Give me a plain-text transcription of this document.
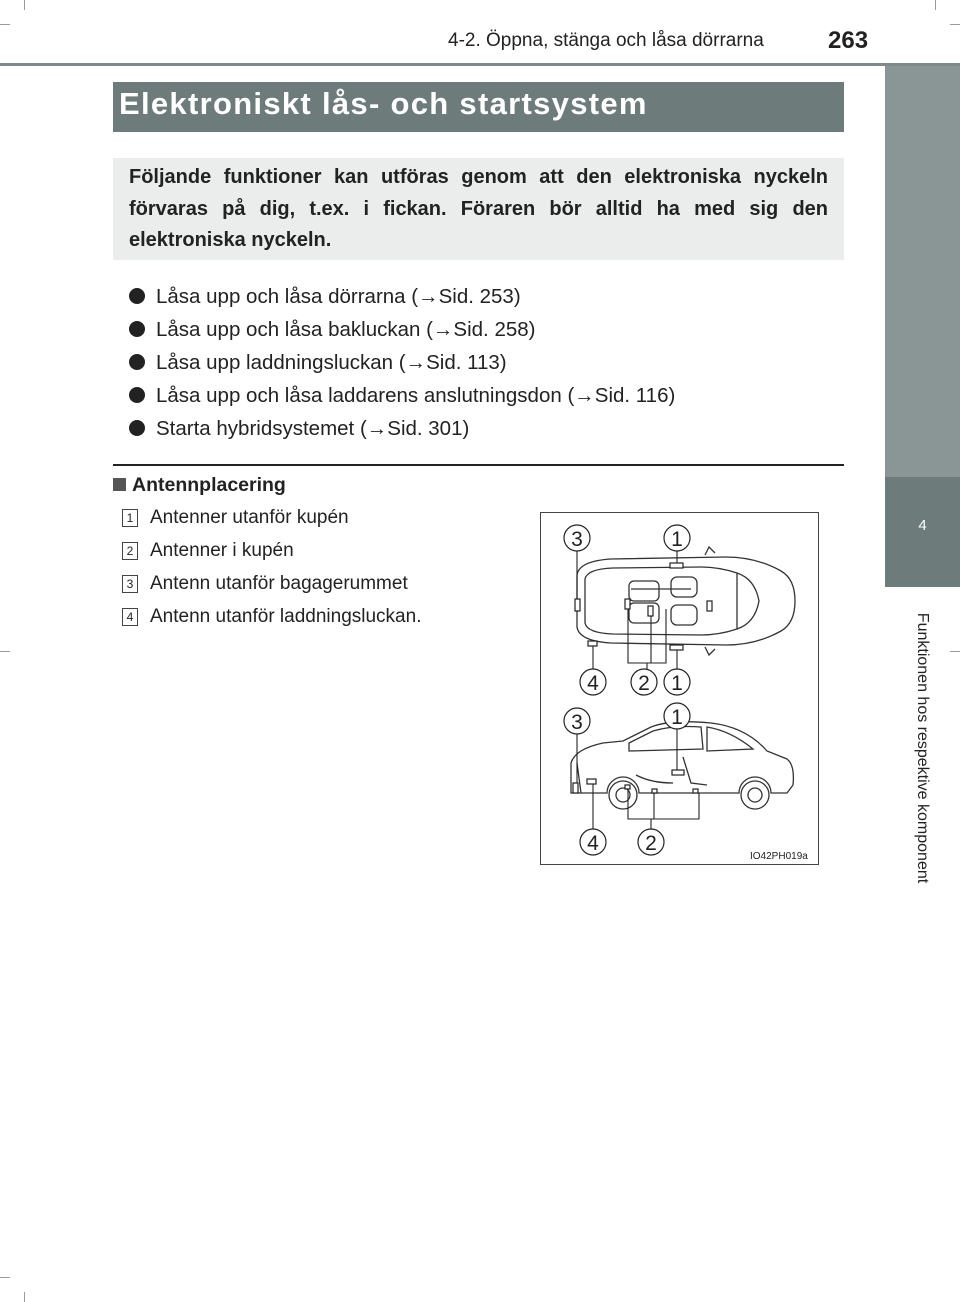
4-2. Öppna, stänga och låsa dörrarna	263
4
Funktionen hos respektive komponent
Elektroniskt lås- och startsystem
Följande funktioner kan utföras genom att den elektroniska nyckeln förvaras på dig, t.ex. i fickan. Föraren bör alltid ha med sig den elektroniska nyckeln.
Låsa upp och låsa dörrarna (→Sid. 253)
Låsa upp och låsa bakluckan (→Sid. 258)
Låsa upp laddningsluckan (→Sid. 113)
Låsa upp och låsa laddarens anslutningsdon (→Sid. 116)
Starta hybridsystemet (→Sid. 301)
Antennplacering
1 Antenner utanför kupén
2 Antenner i kupén
3 Antenn utanför bagagerummet
4 Antenn utanför laddningsluckan.
3	1
4 2 1
3	1
4 2
IO42PH019a
